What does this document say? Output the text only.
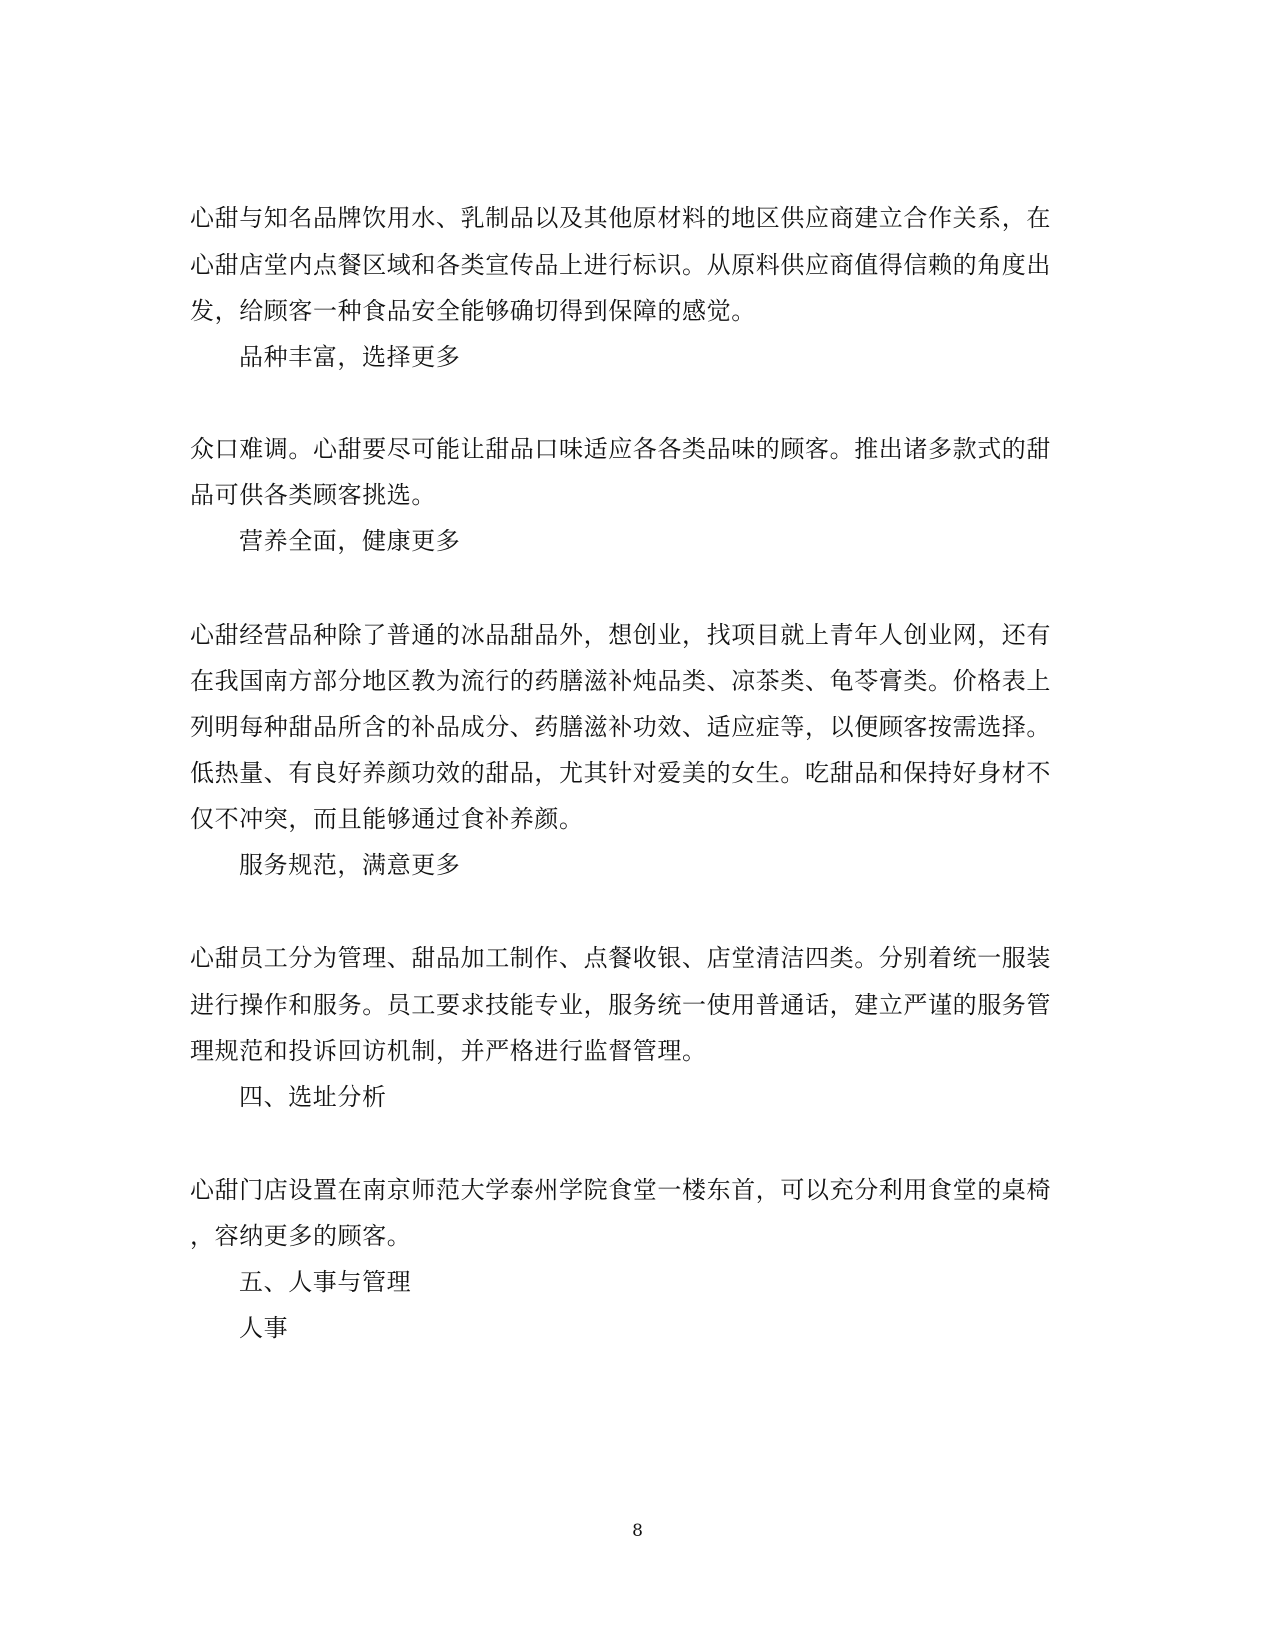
心甜与知名品牌饮用水、乳制品以及其他原材料的地区供应商建立合作关系，在
心甜店堂内点餐区域和各类宣传品上进行标识。从原料供应商值得信赖的角度出
发，给顾客一种食品安全能够确切得到保障的感觉。
品种丰富，选择更多
众口难调。心甜要尽可能让甜品口味适应各各类品味的顾客。推出诸多款式的甜
品可供各类顾客挑选。
营养全面，健康更多
心甜经营品种除了普通的冰品甜品外，想创业，找项目就上青年人创业网，还有
在我国南方部分地区教为流行的药膳滋补炖品类、凉茶类、龟苓膏类。价格表上
列明每种甜品所含的补品成分、药膳滋补功效、适应症等，以便顾客按需选择。
低热量、有良好养颜功效的甜品，尤其针对爱美的女生。吃甜品和保持好身材不
仅不冲突，而且能够通过食补养颜。
服务规范，满意更多
心甜员工分为管理、甜品加工制作、点餐收银、店堂清洁四类。分别着统一服装
进行操作和服务。员工要求技能专业，服务统一使用普通话，建立严谨的服务管
理规范和投诉回访机制，并严格进行监督管理。
四、选址分析
心甜门店设置在南京师范大学泰州学院食堂一楼东首，可以充分利用食堂的桌椅
，容纳更多的顾客。
五、人事与管理
人事
8
